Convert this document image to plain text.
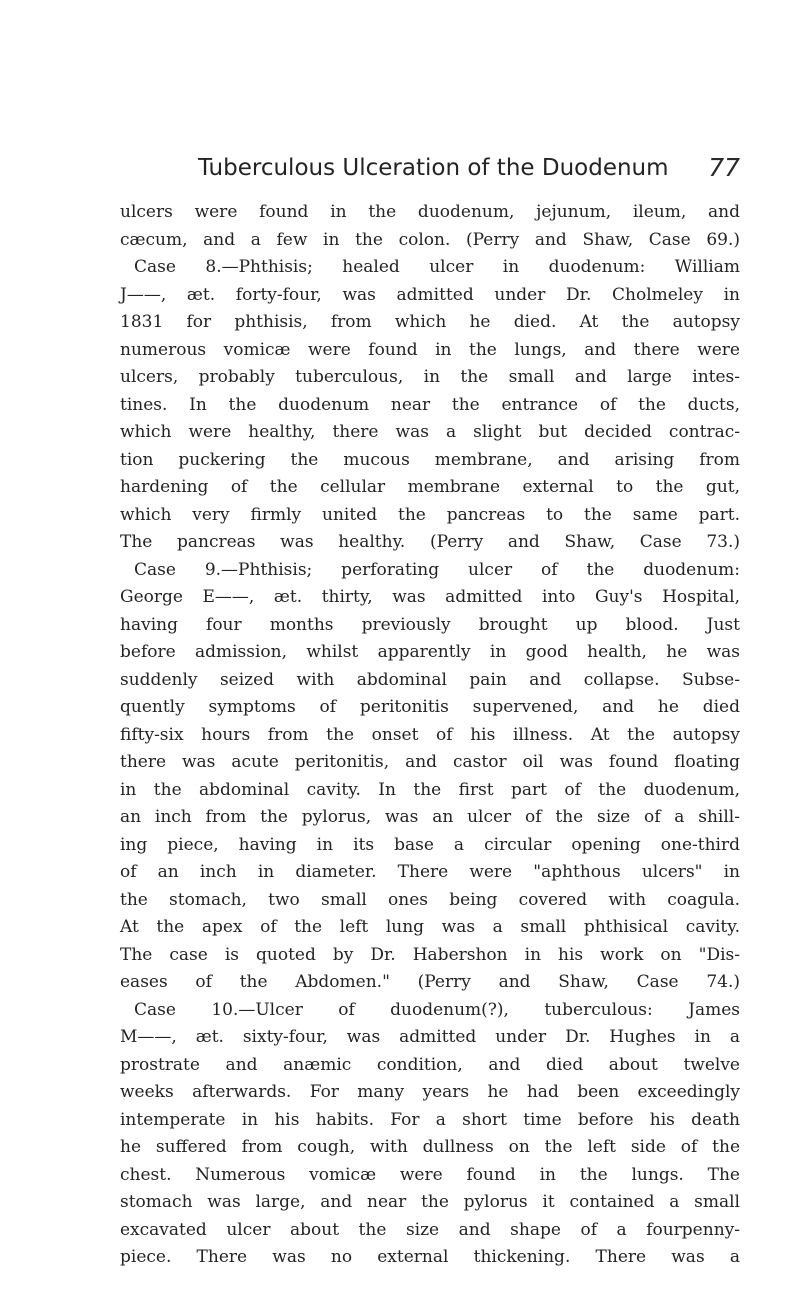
Tuberculous Ulceration of the Duodenum 77
ulcers were found in the duodenum, jejunum, ileum, and
cæcum, and a few in the colon. (Perry and Shaw, Case 69.)
Case 8.—Phthisis; healed ulcer in duodenum: William
J——, æt. forty-four, was admitted under Dr. Cholmeley in
1831 for phthisis, from which he died. At the autopsy
numerous vomicæ were found in the lungs, and there were
ulcers, probably tuberculous, in the small and large intes-
tines. In the duodenum near the entrance of the ducts,
which were healthy, there was a slight but decided contrac-
tion puckering the mucous membrane, and arising from
hardening of the cellular membrane external to the gut,
which very firmly united the pancreas to the same part.
The pancreas was healthy. (Perry and Shaw, Case 73.)
Case 9.—Phthisis; perforating ulcer of the duodenum:
George E——, æt. thirty, was admitted into Guy's Hospital,
having four months previously brought up blood. Just
before admission, whilst apparently in good health, he was
suddenly seized with abdominal pain and collapse. Subse-
quently symptoms of peritonitis supervened, and he died
fifty-six hours from the onset of his illness. At the autopsy
there was acute peritonitis, and castor oil was found floating
in the abdominal cavity. In the first part of the duodenum,
an inch from the pylorus, was an ulcer of the size of a shill-
ing piece, having in its base a circular opening one-third
of an inch in diameter. There were "aphthous ulcers" in
the stomach, two small ones being covered with coagula.
At the apex of the left lung was a small phthisical cavity.
The case is quoted by Dr. Habershon in his work on "Dis-
eases of the Abdomen." (Perry and Shaw, Case 74.)
Case 10.—Ulcer of duodenum(?), tuberculous: James
M——, æt. sixty-four, was admitted under Dr. Hughes in a
prostrate and anæmic condition, and died about twelve
weeks afterwards. For many years he had been exceedingly
intemperate in his habits. For a short time before his death
he suffered from cough, with dullness on the left side of the
chest. Numerous vomicæ were found in the lungs. The
stomach was large, and near the pylorus it contained a small
excavated ulcer about the size and shape of a fourpenny-
piece. There was no external thickening. There was a
